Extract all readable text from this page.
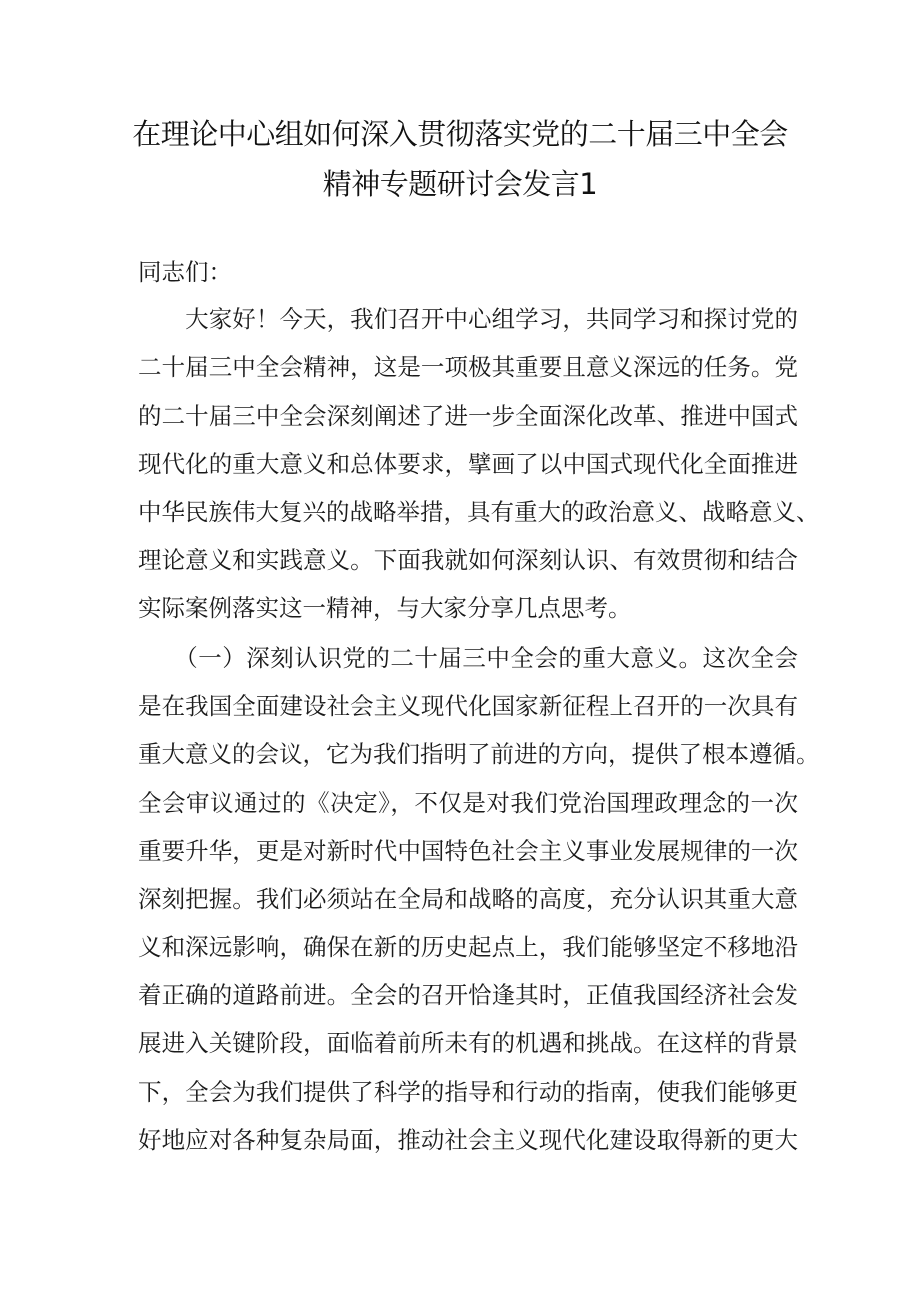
在理论中心组如何深入贯彻落实党的二十届三中全会
精神专题研讨会发言1
同志们：
　　大家好！今天，我们召开中心组学习，共同学习和探讨党的
二十届三中全会精神，这是一项极其重要且意义深远的任务。党
的二十届三中全会深刻阐述了进一步全面深化改革、推进中国式
现代化的重大意义和总体要求，擘画了以中国式现代化全面推进
中华民族伟大复兴的战略举措，具有重大的政治意义、战略意义、
理论意义和实践意义。下面我就如何深刻认识、有效贯彻和结合
实际案例落实这一精神，与大家分享几点思考。
　　（一）深刻认识党的二十届三中全会的重大意义。这次全会
是在我国全面建设社会主义现代化国家新征程上召开的一次具有
重大意义的会议，它为我们指明了前进的方向，提供了根本遵循。
全会审议通过的《决定》，不仅是对我们党治国理政理念的一次
重要升华，更是对新时代中国特色社会主义事业发展规律的一次
深刻把握。我们必须站在全局和战略的高度，充分认识其重大意
义和深远影响，确保在新的历史起点上，我们能够坚定不移地沿
着正确的道路前进。全会的召开恰逢其时，正值我国经济社会发
展进入关键阶段，面临着前所未有的机遇和挑战。在这样的背景
下，全会为我们提供了科学的指导和行动的指南，使我们能够更
好地应对各种复杂局面，推动社会主义现代化建设取得新的更大
